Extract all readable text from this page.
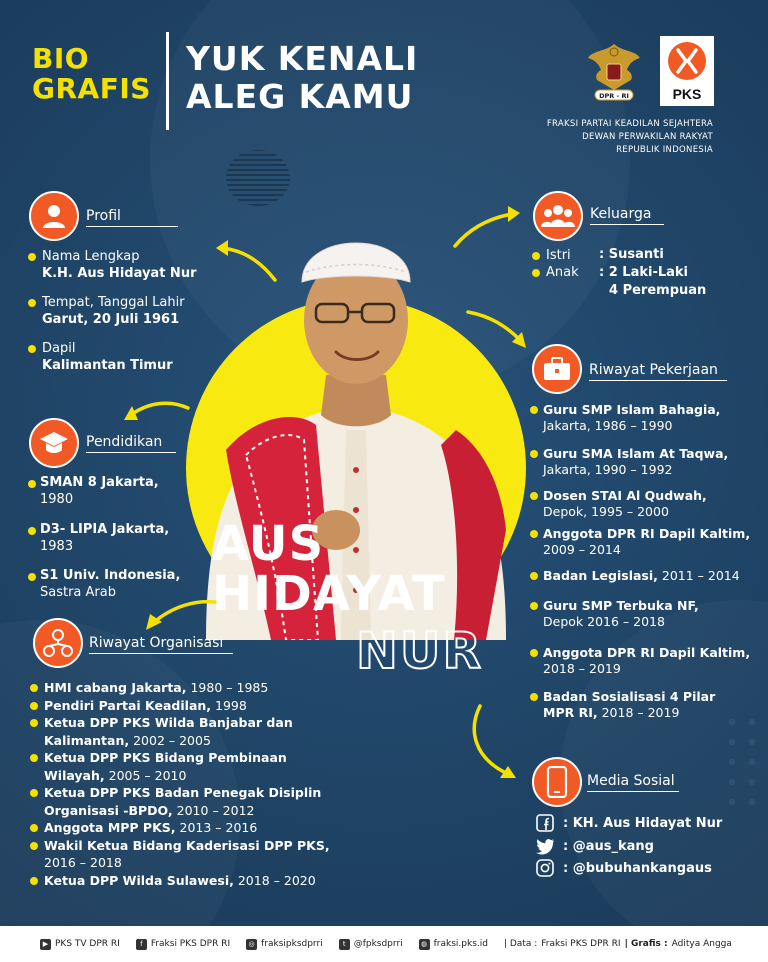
BIO
GRAFIS
YUK KENALI
ALEG KAMU	DPR - RI	PKS
FRAKSI PARTAI KEADILAN SEJAHTERA
DEWAN PERWAKILAN RAKYAT
REPUBLIK INDONESIA
AUS
HIDAYAT
NUR
Profil
Nama Lengkap
K.H. Aus Hidayat Nur
Tempat, Tanggal Lahir
Garut, 20 Juli 1961
Dapil
Kalimantan Timur
Pendidikan
SMAN 8 Jakarta,
1980
D3- LIPIA Jakarta,
1983
S1 Univ. Indonesia,
Sastra Arab
Riwayat Organisasi
HMI cabang Jakarta, 1980 – 1985
Pendiri Partai Keadilan, 1998
Ketua DPP PKS Wilda Banjabar dan Kalimantan, 2002 – 2005
Ketua DPP PKS Bidang Pembinaan Wilayah, 2005 – 2010
Ketua DPP PKS Badan Penegak Disiplin Organisasi -BPDO, 2010 – 2012
Anggota MPP PKS, 2013 – 2016
Wakil Ketua Bidang Kaderisasi DPP PKS, 2016 – 2018
Ketua DPP Wilda Sulawesi, 2018 – 2020
Keluarga
Istri : Susanti
Anak : 2 Laki-Laki
4 Perempuan
Riwayat Pekerjaan
Guru SMP Islam Bahagia,
Jakarta, 1986 – 1990
Guru SMA Islam At Taqwa,
Jakarta, 1990 – 1992
Dosen STAI Al Qudwah,
Depok, 1995 – 2000
Anggota DPR RI Dapil Kaltim,
2009 – 2014
Badan Legislasi, 2011 – 2014
Guru SMP Terbuka NF,
Depok 2016 – 2018
Anggota DPR RI Dapil Kaltim,
2018 – 2019
Badan Sosialisasi 4 Pilar MPR RI, 2018 – 2019
Media Sosial
: KH. Aus Hidayat Nur
: @aus_kang
: @bubuhankangaus
▶ PKS TV DPR RI	f Fraksi PKS DPR RI	◎ fraksipksdprri	t @fpksdprri	◍ fraksi.pks.id | Data : Fraksi PKS DPR RI | Grafis : Aditya Angga
